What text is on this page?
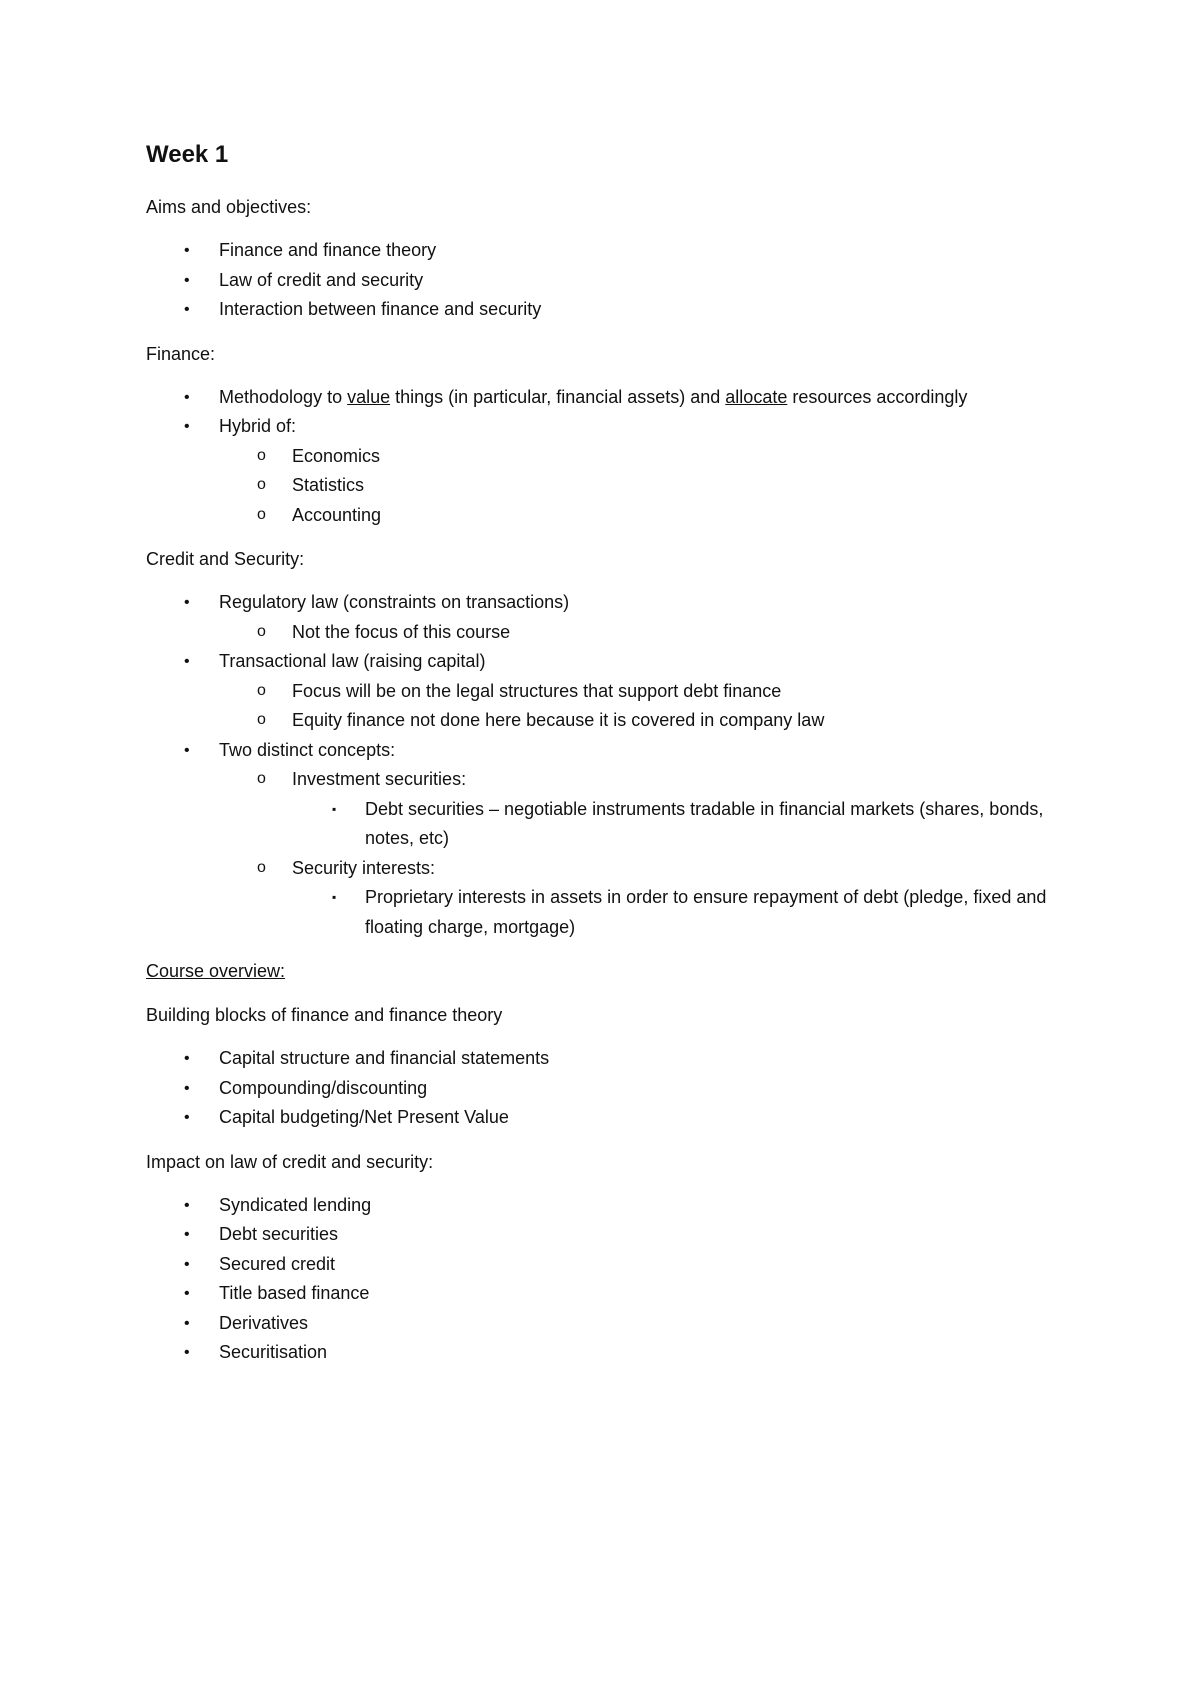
Week 1
Aims and objectives:
• Finance and finance theory
• Law of credit and security
• Interaction between finance and security
Finance:
• Methodology to value things (in particular, financial assets) and allocate resources accordingly
• Hybrid of:
o Economics
o Statistics
o Accounting
Credit and Security:
• Regulatory law (constraints on transactions)
o Not the focus of this course
• Transactional law (raising capital)
o Focus will be on the legal structures that support debt finance
o Equity finance not done here because it is covered in company law
• Two distinct concepts:
o Investment securities:
▪ Debt securities – negotiable instruments tradable in financial markets (shares, bonds, notes, etc)
o Security interests:
▪ Proprietary interests in assets in order to ensure repayment of debt (pledge, fixed and floating charge, mortgage)
Course overview:
Building blocks of finance and finance theory
• Capital structure and financial statements
• Compounding/discounting
• Capital budgeting/Net Present Value
Impact on law of credit and security:
• Syndicated lending
• Debt securities
• Secured credit
• Title based finance
• Derivatives
• Securitisation
